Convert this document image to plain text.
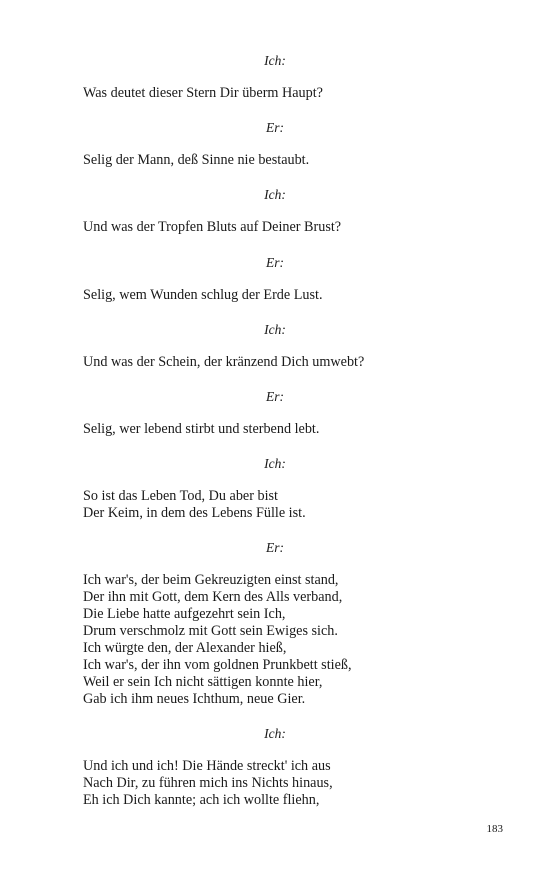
Ich:
Was deutet dieser Stern Dir überm Haupt?
Er:
Selig der Mann, deß Sinne nie bestaubt.
Ich:
Und was der Tropfen Bluts auf Deiner Brust?
Er:
Selig, wem Wunden schlug der Erde Lust.
Ich:
Und was der Schein, der kränzend Dich umwebt?
Er:
Selig, wer lebend stirbt und sterbend lebt.
Ich:
So ist das Leben Tod, Du aber bist
Der Keim, in dem des Lebens Fülle ist.
Er:
Ich war's, der beim Gekreuzigten einst stand,
Der ihn mit Gott, dem Kern des Alls verband,
Die Liebe hatte aufgezehrt sein Ich,
Drum verschmolz mit Gott sein Ewiges sich.
Ich würgte den, der Alexander hieß,
Ich war's, der ihn vom goldnen Prunkbett stieß,
Weil er sein Ich nicht sättigen konnte hier,
Gab ich ihm neues Ichthum, neue Gier.
Ich:
Und ich und ich! Die Hände streckt' ich aus
Nach Dir, zu führen mich ins Nichts hinaus,
Eh ich Dich kannte; ach ich wollte fliehn,
183
